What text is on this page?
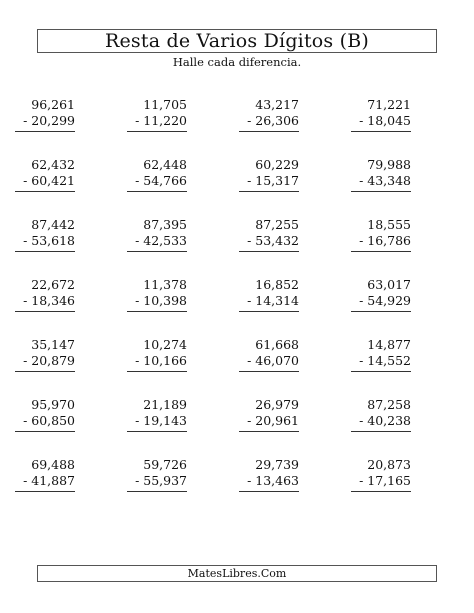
Resta de Varios Dígitos (B)
Halle cada diferencia.
96,261
- 20,299
11,705
- 11,220
43,217
- 26,306
71,221
- 18,045
62,432
- 60,421
62,448
- 54,766
60,229
- 15,317
79,988
- 43,348
87,442
- 53,618
87,395
- 42,533
87,255
- 53,432
18,555
- 16,786
22,672
- 18,346
11,378
- 10,398
16,852
- 14,314
63,017
- 54,929
35,147
- 20,879
10,274
- 10,166
61,668
- 46,070
14,877
- 14,552
95,970
- 60,850
21,189
- 19,143
26,979
- 20,961
87,258
- 40,238
69,488
- 41,887
59,726
- 55,937
29,739
- 13,463
20,873
- 17,165
MatesLibres.Com
